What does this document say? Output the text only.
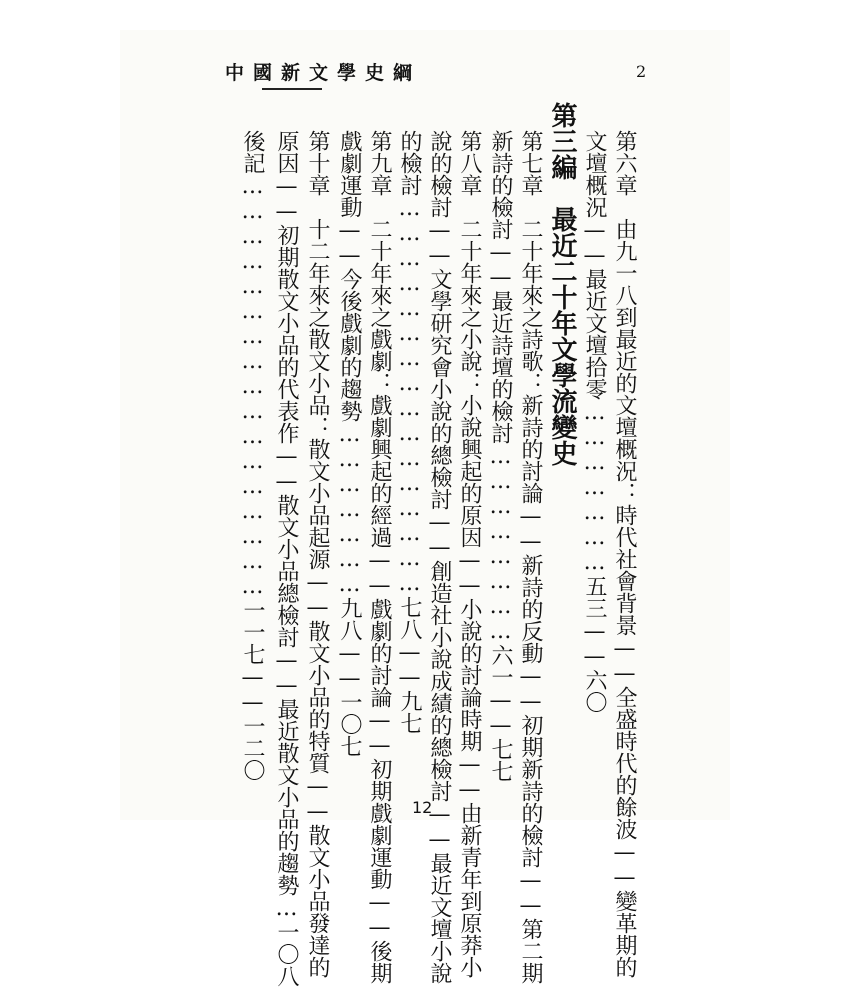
中國新文學史綱	2
第六章　由九一八到最近的文壇概況：時代社會背景——全盛時代的餘波——變革期的
文壇概況——最近文壇拾零…………………五三——六〇
第三編　最近二十年文學流變史
第七章　二十年來之詩歌：新詩的討論——新詩的反動——初期新詩的檢討——第二期
新詩的檢討——最近詩壇的檢討……………………六一——七七
第八章　二十年來之小說：小說興起的原因——小說的討論時期——由新青年到原莽小
說的檢討——文學研究會小說的總檢討——創造社小說成績的總檢討——最近文壇小說
的檢討…………………………………………七八——九七
第九章　二十年來之戲劇：戲劇興起的經過——戲劇的討論——初期戲劇運動——後期
戲劇運動——今後戲劇的趨勢…………………九八——一〇七
第十章　十二年來之散文小品：散文小品起源——散文小品的特質——散文小品發達的
原因——初期散文小品的代表作——散文小品總檢討——最近散文小品的趨勢…一〇八
後記……………………………………………一一七——一二〇
12
